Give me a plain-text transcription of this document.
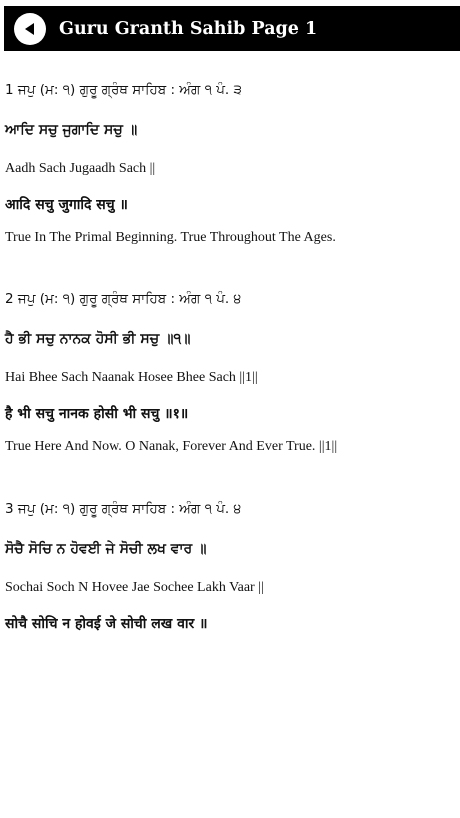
Guru Granth Sahib Page 1
1 ਜਪੁ (ਮ: ੧) ਗੁਰੂ ਗ੍ਰੰਥ ਸਾਹਿਬ : ਅੰਗ ੧ ਪੰ. ੩
ਆਦਿ ਸਚੁ ਜੁਗਾਦਿ ਸਚੁ ॥
Aadh Sach Jugaadh Sach ||
आदि सचु जुगादि सचु ॥
True In The Primal Beginning. True Throughout The Ages.
2 ਜਪੁ (ਮ: ੧) ਗੁਰੂ ਗ੍ਰੰਥ ਸਾਹਿਬ : ਅੰਗ ੧ ਪੰ. ੪
ਹੈ ਭੀ ਸਚੁ ਨਾਨਕ ਹੋਸੀ ਭੀ ਸਚੁ ॥੧॥
Hai Bhee Sach Naanak Hosee Bhee Sach ||1||
है भी सचु नानक होसी भी सचु ॥१॥
True Here And Now. O Nanak, Forever And Ever True. ||1||
3 ਜਪੁ (ਮ: ੧) ਗੁਰੂ ਗ੍ਰੰਥ ਸਾਹਿਬ : ਅੰਗ ੧ ਪੰ. ੪
ਸੋਚੈ ਸੋਚਿ ਨ ਹੋਵਈ ਜੇ ਸੋਚੀ ਲਖ ਵਾਰ ॥
Sochai Soch N Hovee Jae Sochee Lakh Vaar ||
सोचै सोचि न होवई जे सोची लख वार ॥
